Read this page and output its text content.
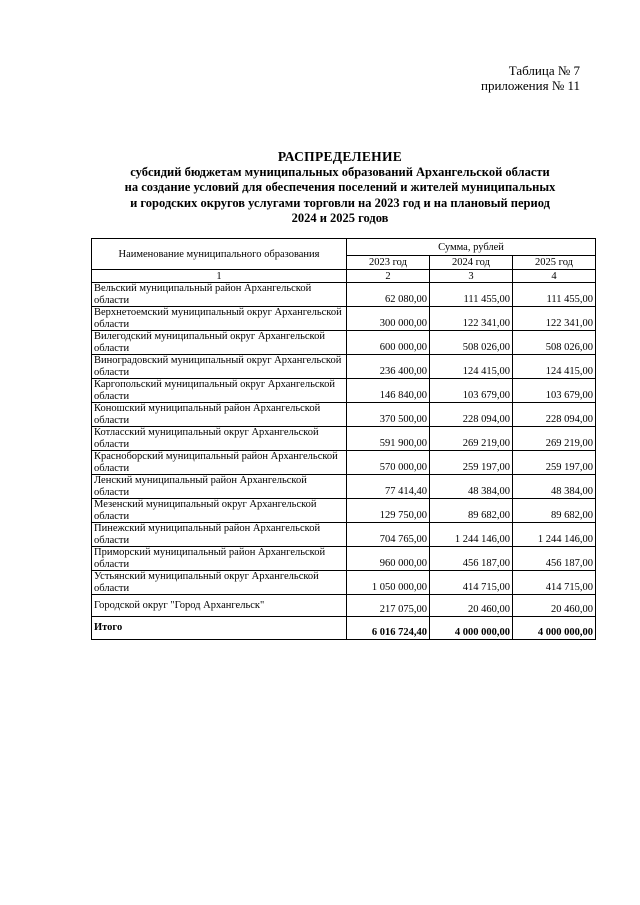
Таблица № 7
приложения № 11
РАСПРЕДЕЛЕНИЕ
субсидий бюджетам муниципальных образований Архангельской области
на создание условий для обеспечения поселений и жителей муниципальных
и городских округов услугами торговли на 2023 год и на плановый период
2024 и 2025 годов
Наименование муниципального образования	Сумма, рублей		
	2023 год	2024 год	2025 год
1	2	3	4
Вельский муниципальный район Архангельской области	62 080,00	111 455,00	111 455,00
Верхнетоемский муниципальный округ Архангельской области	300 000,00	122 341,00	122 341,00
Вилегодский муниципальный округ Архангельской области	600 000,00	508 026,00	508 026,00
Виноградовский муниципальный округ Архангельской области	236 400,00	124 415,00	124 415,00
Каргопольский муниципальный округ Архангельской области	146 840,00	103 679,00	103 679,00
Коношский муниципальный район Архангельской области	370 500,00	228 094,00	228 094,00
Котласский муниципальный округ Архангельской области	591 900,00	269 219,00	269 219,00
Красноборский муниципальный район Архангельской области	570 000,00	259 197,00	259 197,00
Ленский муниципальный район Архангельской области	77 414,40	48 384,00	48 384,00
Мезенский муниципальный округ Архангельской области	129 750,00	89 682,00	89 682,00
Пинежский муниципальный район Архангельской области	704 765,00	1 244 146,00	1 244 146,00
Приморский муниципальный район Архангельской области	960 000,00	456 187,00	456 187,00
Устьянский муниципальный округ Архангельской области	1 050 000,00	414 715,00	414 715,00
Городской округ "Город Архангельск"	217 075,00	20 460,00	20 460,00
Итого	6 016 724,40	4 000 000,00	4 000 000,00
